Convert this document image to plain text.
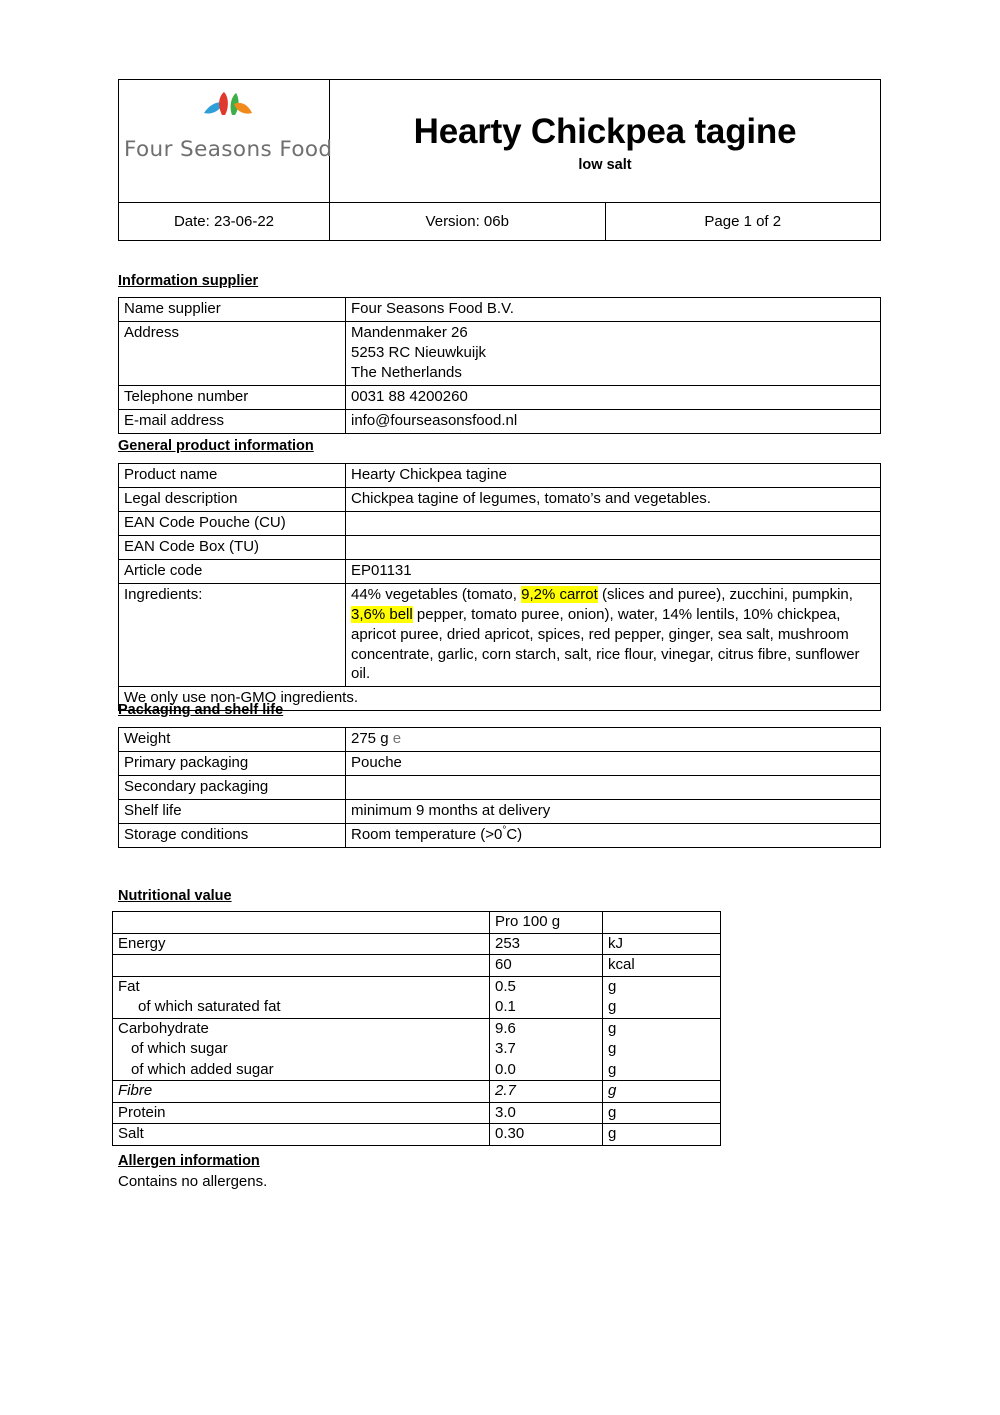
Four Seasons Food	Hearty Chickpea tagine
low salt	

Date: 23-06-22	Version: 06b	Page 1 of 2
Information supplier
Name supplier	Four Seasons Food B.V.
Address	Mandenmaker 26
5253 RC Nieuwkuijk
The Netherlands

Telephone number	0031 88 4200260
E-mail address	info@fourseasonsfood.nl
General product information
Product name	Hearty Chickpea tagine
Legal description	Chickpea tagine of legumes, tomato’s and vegetables.
EAN Code Pouche (CU)	
EAN Code Box (TU)	
Article code	EP01131
Ingredients:	44% vegetables (tomato, 9,2% carrot (slices and puree), zucchini, pumpkin, 3,6% bell pepper, tomato puree, onion), water, 14% lentils, 10% chickpea, apricot puree, dried apricot, spices, red pepper, ginger, sea salt, mushroom concentrate, garlic, corn starch, salt, rice flour, vinegar, citrus fibre, sunflower oil.
We only use non-GMO ingredients.	
Packaging and shelf life
Weight	275 g e
Primary packaging	Pouche
Secondary packaging	
Shelf life	minimum 9 months at delivery
Storage conditions	Room temperature (>0°C)
Nutritional value
	Pro 100 g	
Energy	253	kJ
	60	kcal
Fat	0.5	g
of which saturated fat	0.1	g
Carbohydrate	9.6	g
of which sugar	3.7	g
of which added sugar	0.0	g
Fibre	2.7	g
Protein	3.0	g
Salt	0.30	g
Allergen information
Contains no allergens.
